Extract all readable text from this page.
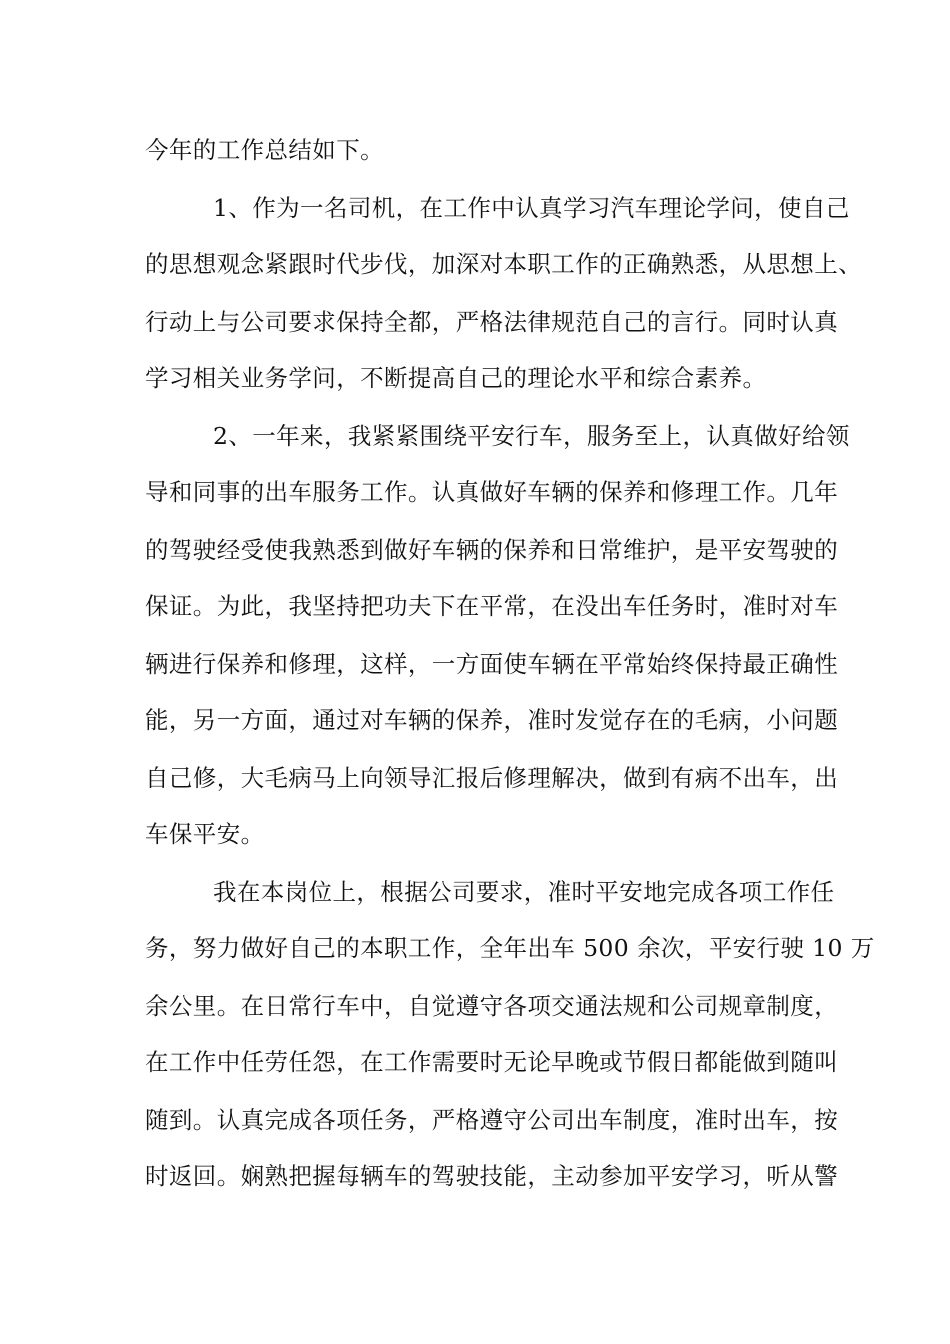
今年的工作总结如下。
1、作为一名司机，在工作中认真学习汽车理论学问，使自己
的思想观念紧跟时代步伐，加深对本职工作的正确熟悉，从思想上、
行动上与公司要求保持全都，严格法律规范自己的言行。同时认真
学习相关业务学问，不断提高自己的理论水平和综合素养。
2、一年来，我紧紧围绕平安行车，服务至上，认真做好给领
导和同事的出车服务工作。认真做好车辆的保养和修理工作。几年
的驾驶经受使我熟悉到做好车辆的保养和日常维护，是平安驾驶的
保证。为此，我坚持把功夫下在平常，在没出车任务时，准时对车
辆进行保养和修理，这样，一方面使车辆在平常始终保持最正确性
能，另一方面，通过对车辆的保养，准时发觉存在的毛病，小问题
自己修，大毛病马上向领导汇报后修理解决，做到有病不出车，出
车保平安。
我在本岗位上，根据公司要求，准时平安地完成各项工作任
务，努力做好自己的本职工作，全年出车 500 余次，平安行驶 10 万
余公里。在日常行车中，自觉遵守各项交通法规和公司规章制度，
在工作中任劳任怨，在工作需要时无论早晚或节假日都能做到随叫
随到。认真完成各项任务，严格遵守公司出车制度，准时出车，按
时返回。娴熟把握每辆车的驾驶技能，主动参加平安学习，听从警
